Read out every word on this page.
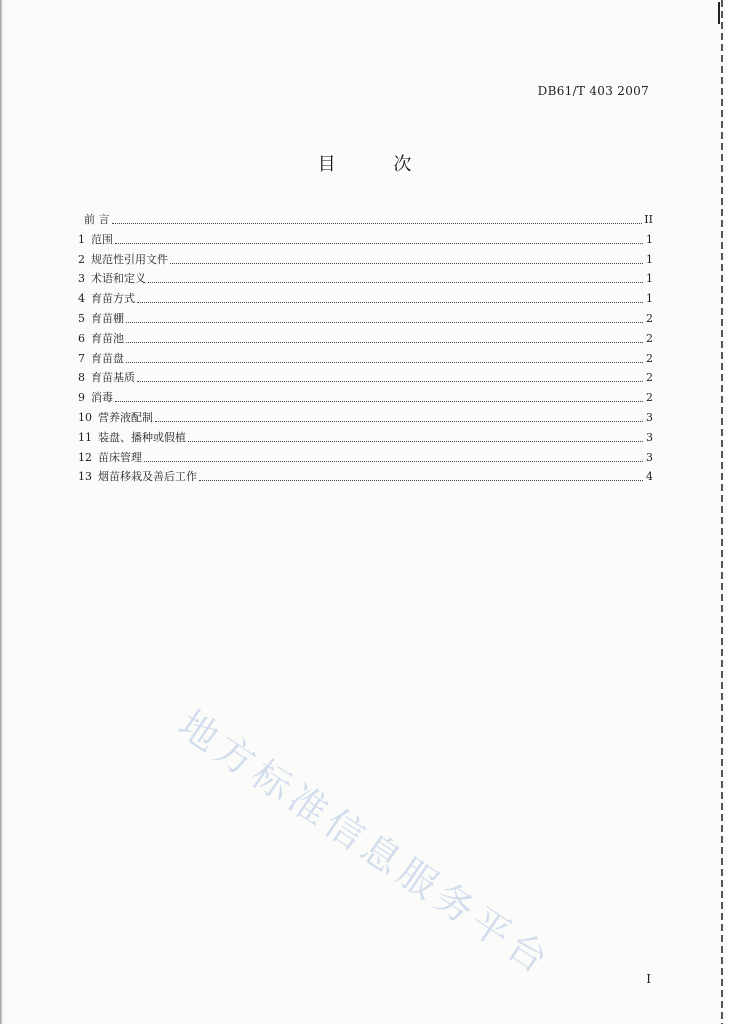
DB61/T 403 2007
目 次
前 言	II
1 范围	1
2 规范性引用文件	1
3 术语和定义	1
4 育苗方式	1
5 育苗棚	2
6 育苗池	2
7 育苗盘	2
8 育苗基质	2
9 消毒	2
10 营养液配制	3
11 装盘、播种或假植	3
12 苗床管理	3
13 烟苗移栽及善后工作	4
地方标准信息服务平台	I
